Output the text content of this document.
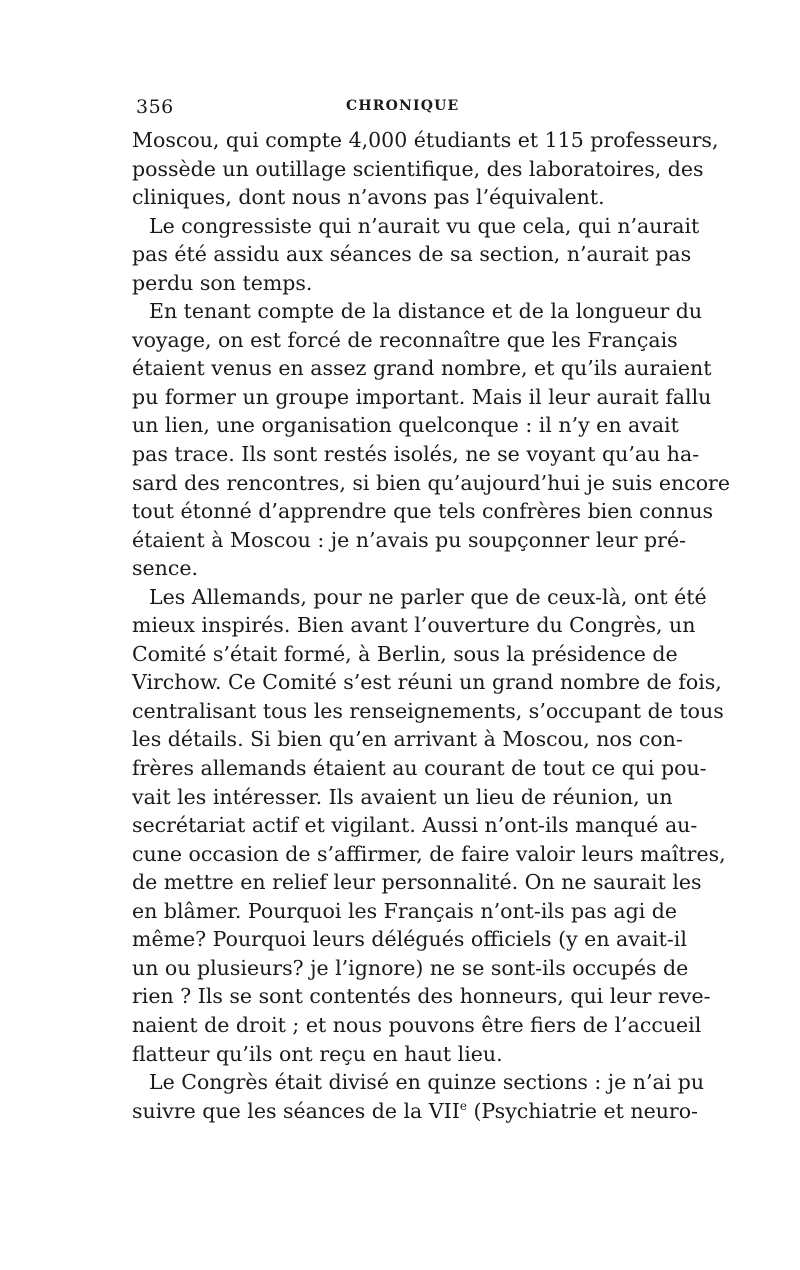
356	CHRONIQUE
Moscou, qui compte 4,000 étudiants et 115 professeurs,
possède un outillage scientifique, des laboratoires, des
cliniques, dont nous n’avons pas l’équivalent.
Le congressiste qui n’aurait vu que cela, qui n’aurait
pas été assidu aux séances de sa section, n’aurait pas
perdu son temps.
En tenant compte de la distance et de la longueur du
voyage, on est forcé de reconnaître que les Français
étaient venus en assez grand nombre, et qu’ils auraient
pu former un groupe important. Mais il leur aurait fallu
un lien, une organisation quelconque : il n’y en avait
pas trace. Ils sont restés isolés, ne se voyant qu’au ha-
sard des rencontres, si bien qu’aujourd’hui je suis encore
tout étonné d’apprendre que tels confrères bien connus
étaient à Moscou : je n’avais pu soupçonner leur pré-
sence.
Les Allemands, pour ne parler que de ceux-là, ont été
mieux inspirés. Bien avant l’ouverture du Congrès, un
Comité s’était formé, à Berlin, sous la présidence de
Virchow. Ce Comité s’est réuni un grand nombre de fois,
centralisant tous les renseignements, s’occupant de tous
les détails. Si bien qu’en arrivant à Moscou, nos con-
frères allemands étaient au courant de tout ce qui pou-
vait les intéresser. Ils avaient un lieu de réunion, un
secrétariat actif et vigilant. Aussi n’ont-ils manqué au-
cune occasion de s’affirmer, de faire valoir leurs maîtres,
de mettre en relief leur personnalité. On ne saurait les
en blâmer. Pourquoi les Français n’ont-ils pas agi de
même? Pourquoi leurs délégués officiels (y en avait-il
un ou plusieurs? je l’ignore) ne se sont-ils occupés de
rien ? Ils se sont contentés des honneurs, qui leur reve-
naient de droit ; et nous pouvons être fiers de l’accueil
flatteur qu’ils ont reçu en haut lieu.
Le Congrès était divisé en quinze sections : je n’ai pu
suivre que les séances de la VIIe (Psychiatrie et neuro-
